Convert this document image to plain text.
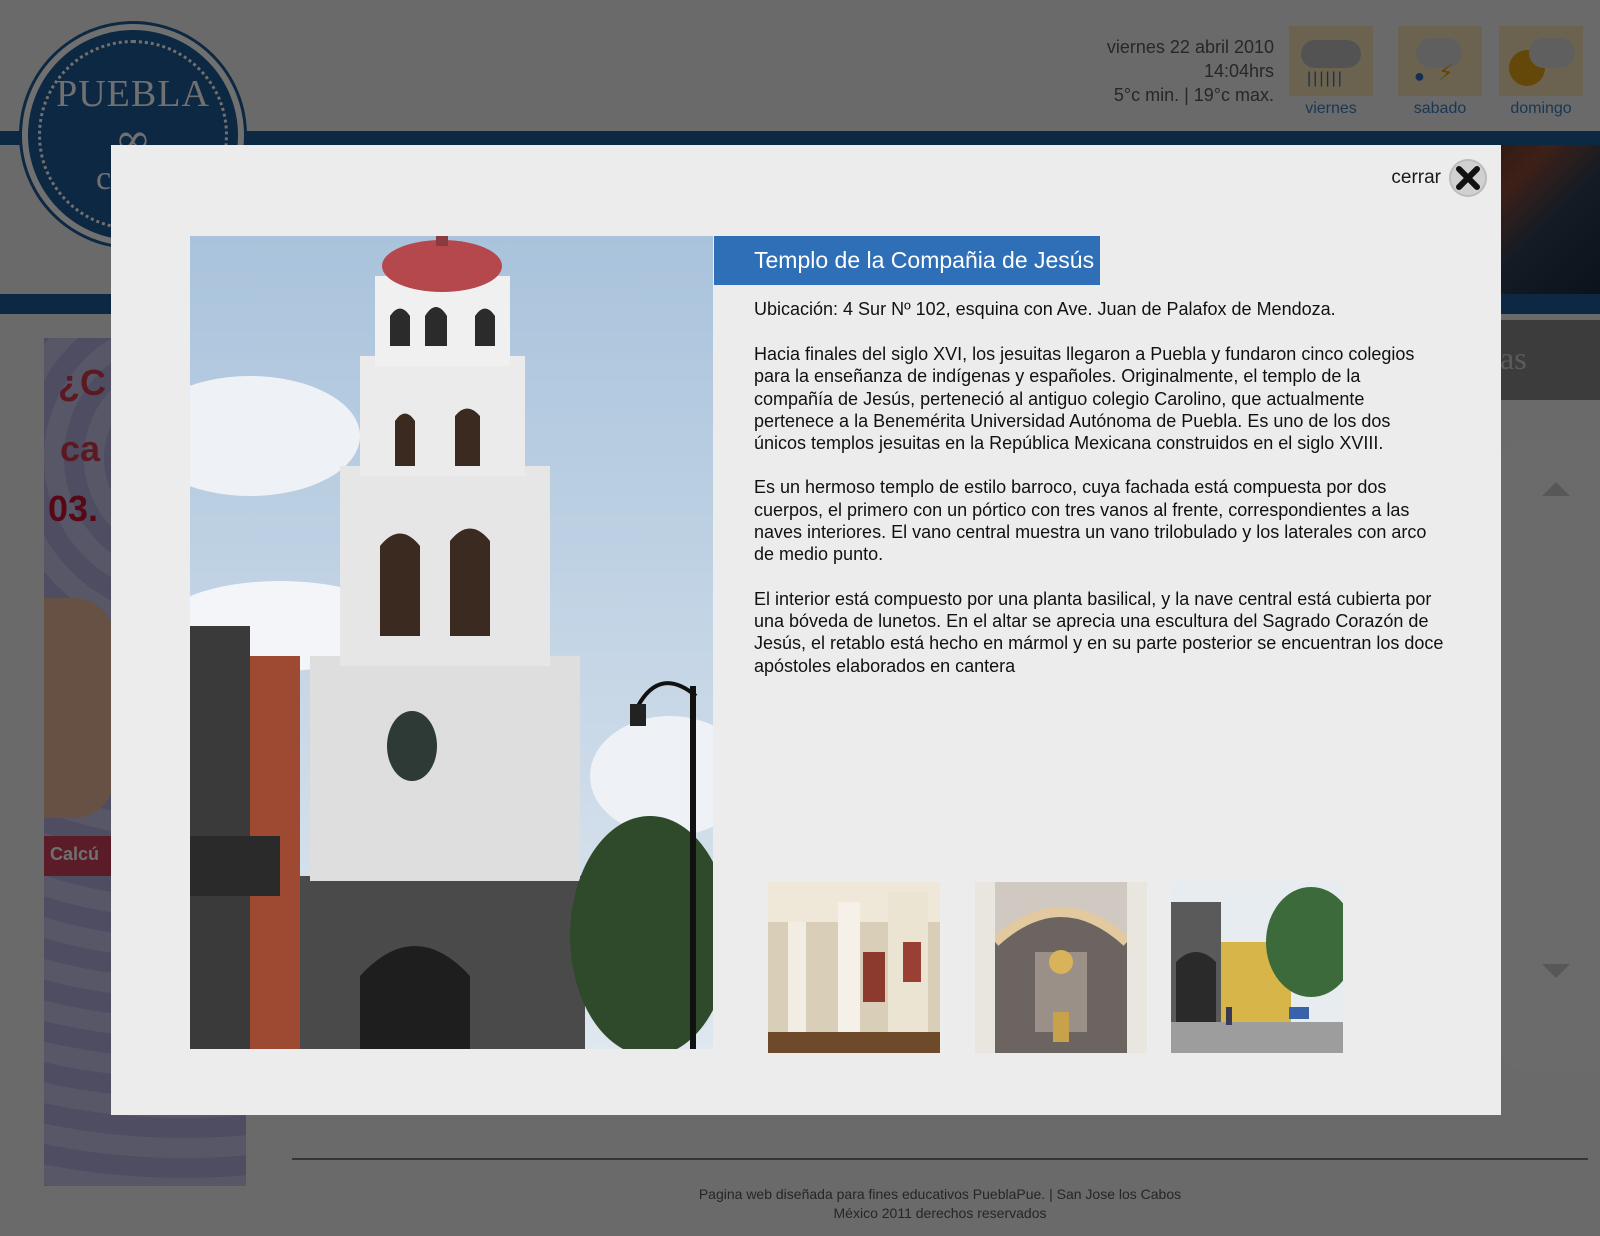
cerrar
Templo de la Compañia de Jesús
Ubicación: 4 Sur Nº 102, esquina con Ave. Juan de Palafox de Mendoza.

Hacia finales del siglo XVI, los jesuitas llegaron a Puebla y fundaron cinco colegios para la enseñanza de indígenas y españoles. Originalmente, el templo de la compañía de Jesús, perteneció al antiguo colegio Carolino, que actualmente pertenece a la Benemérita Universidad Autónoma de Puebla. Es uno de los dos únicos templos jesuitas en la República Mexicana construidos en el siglo XVIII.

Es un hermoso templo de estilo barroco, cuya fachada está compuesta por dos cuerpos, el primero con un pórtico con tres vanos al frente, correspondientes a las naves interiores. El vano central muestra un vano trilobulado y los laterales con arco de medio punto.

El interior está compuesto por una planta basilical, y la nave central está cubierta por una bóveda de lunetos. En el altar se aprecia una escultura del Sagrado Corazón de Jesús, el retablo está hecho en mármol y en su parte posterior se encuentran los doce apóstoles elaborados en cantera
